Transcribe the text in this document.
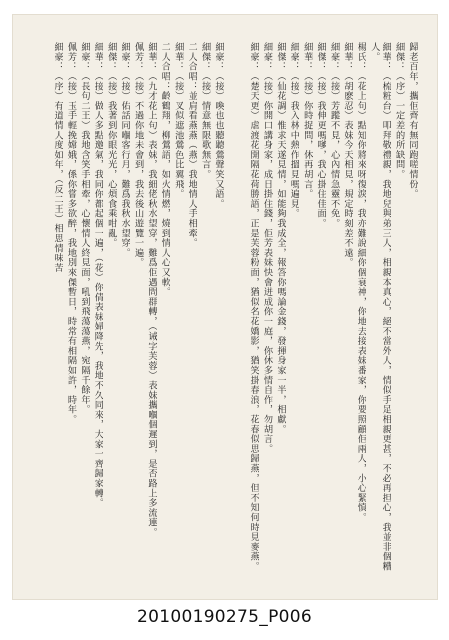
歸老百年，攜佢齊有無同跑嗟情份。
細傑：（序）一定差的所缺問。
細華：（梳粧台）叩拜敬禮親，我地兒與弟三人，相親本真心，絕不當外人，情似手足相親更甚，不必再担心，我並非個糟人。
楊氏：（花上句）點知你將來呀復淚，我亦難說細你個衰神，你地去接表妹番家，你要照顧佢兩人，小心緊慎。
細華：（胡麽忍）表妹今天相見，規定時刻差不遠。
細豪：（接）芳蹤不見，心內情急靈不免。
細傑：（接）我伸更嗎嗲，我心掛住佳面。
細華：（接）你時捉問，休再胡言。
細豪：（接）我入林中熱作搵見嗎遍見。
細傑：（仙花調）惟求天遂見情，如能夠我成全，報答你嗎論金錢，發揮身家一半，相獻。
細豪：（接）你開口講身家，成日掛住錢，佢芳表妹快會迸成你一庭，你休多情自作，勿胡言。
細豪：（楚天更）虐渡花開隔花荷勝語，正是芙蓉粉面，猶似名花嬌影，猶笑掛春浪，花春似思歸燕，但不知何時見麥燕。
細豪：（接）喚也也聽聽鶯聲笑又語。
細傑：（接）情意無限歌無言。
二人合唱：並肩看燕燕（燕）我地情人手相牽。
細華：（接）叉似遮池鶯色比翼飛。
二人合唱：齡鶴翔，柳鶯語，如火情燃，燒到情人心又軟。
細華：（九才花上句）表妹，我細佬秋水望穿，難爲佢遇問群轉，（诫字芙蓉）表妹攜嗰個遲到，是否路上多流連。
佩芳：（接）不過你地未會到，我去後山遊覽一遍。
細豪：（接）佑話同嗰客行月，難爲我秋水望穿。
細傑：（接）我著到你眼光光，心煩食乘咁亂。
細華：（接）做人多點邀氣，我同你都起個一遍，（花）你倩表妹婦降先，我地不久同來，大家一齊歸家轉。
細豪：（長句二王）我地含笑手相牽，心懷情人終見面，吼到飛蕩蕩燕，宛隔千餘年。
佩芳：（接）玉手輕挽嫦娥，係你嘗多欲醉，我地別來傑暫日，時常有相隔如許，時年。
細豪：（序）有道情人度如年，（反二王）相思情味苦
20100190275_P006
